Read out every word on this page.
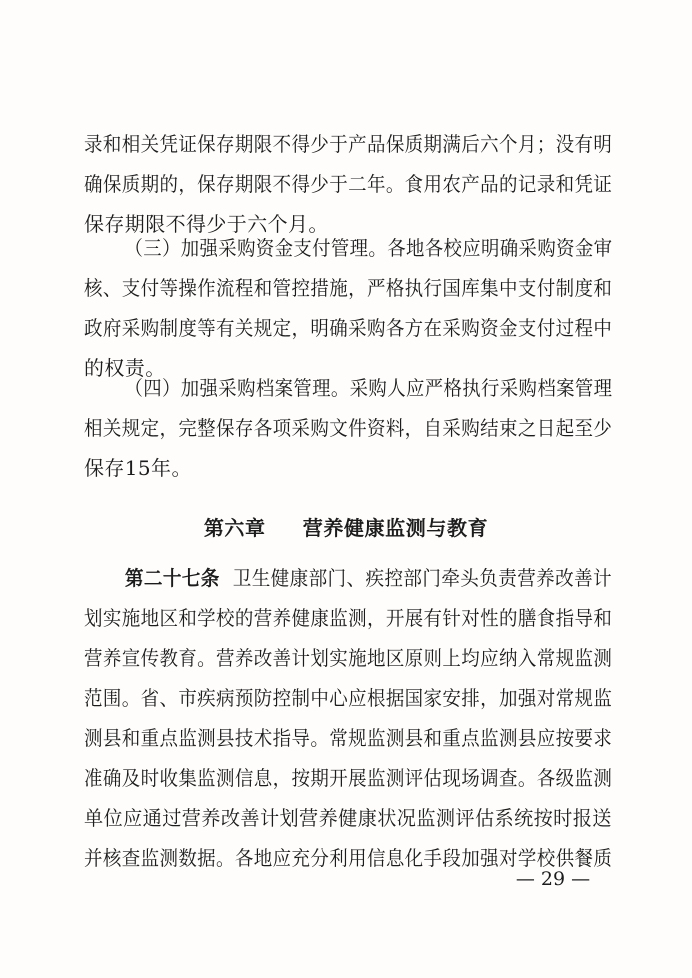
录和相关凭证保存期限不得少于产品保质期满后六个月；没有明
确保质期的，保存期限不得少于二年。食用农产品的记录和凭证
保存期限不得少于六个月。
（三）加强采购资金支付管理。各地各校应明确采购资金审
核、支付等操作流程和管控措施，严格执行国库集中支付制度和
政府采购制度等有关规定，明确采购各方在采购资金支付过程中
的权责。
（四）加强采购档案管理。采购人应严格执行采购档案管理
相关规定，完整保存各项采购文件资料，自采购结束之日起至少
保存15年。
第六章 营养健康监测与教育
第二十七条 卫生健康部门、疾控部门牵头负责营养改善计
划实施地区和学校的营养健康监测，开展有针对性的膳食指导和
营养宣传教育。营养改善计划实施地区原则上均应纳入常规监测
范围。省、市疾病预防控制中心应根据国家安排，加强对常规监
测县和重点监测县技术指导。常规监测县和重点监测县应按要求
准确及时收集监测信息，按期开展监测评估现场调查。各级监测
单位应通过营养改善计划营养健康状况监测评估系统按时报送
并核查监测数据。各地应充分利用信息化手段加强对学校供餐质
— 29 —
